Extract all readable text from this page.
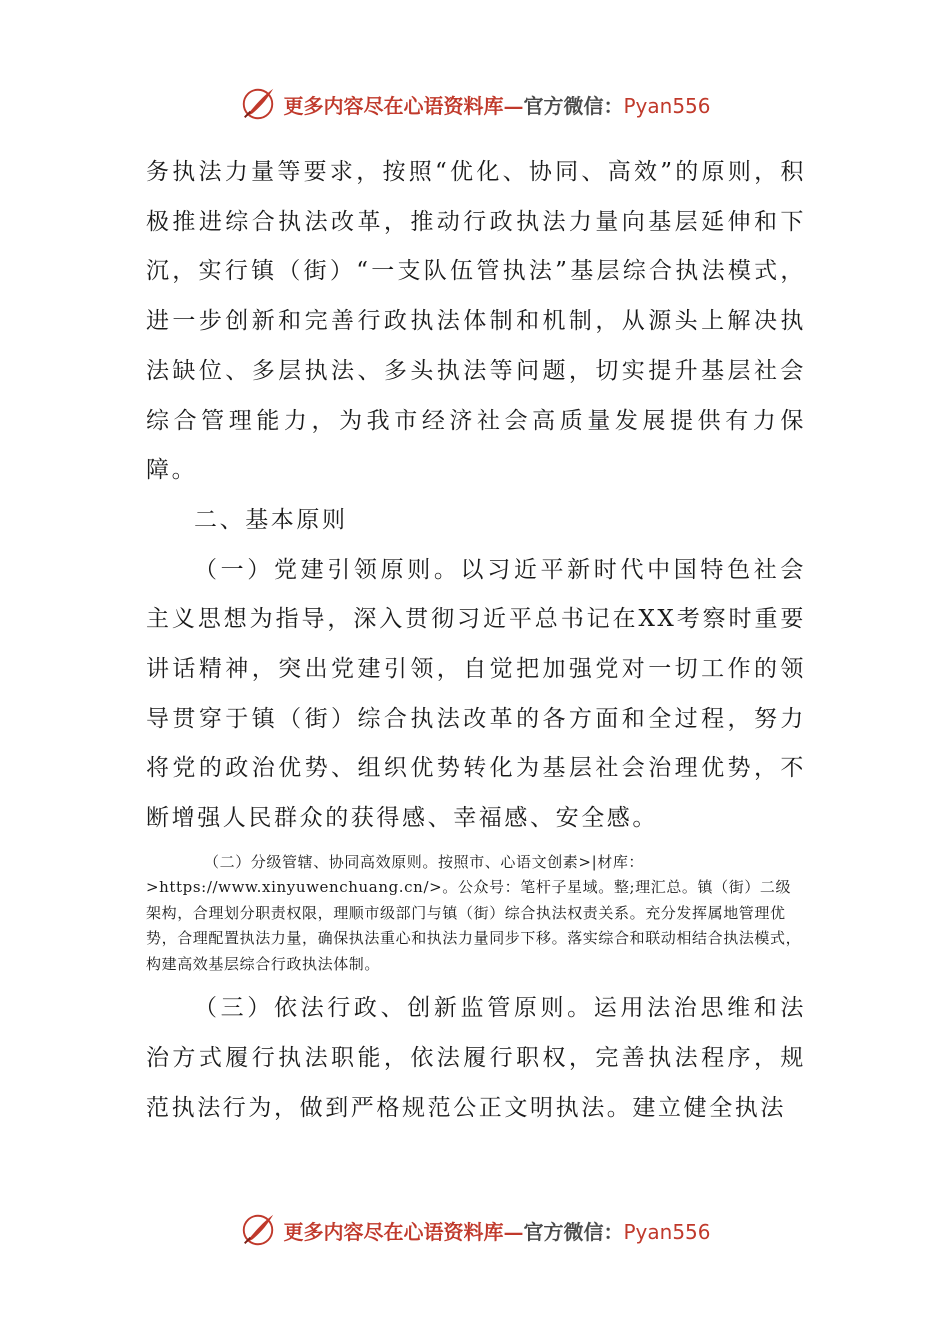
更多内容尽在心语资料库—官方微信：Pyan556

务执法力量等要求，按照“优化、协同、高效”的原则，积极推进综合执法改革，推动行政执法力量向基层延伸和下沉，实行镇（街）“一支队伍管执法”基层综合执法模式，进一步创新和完善行政执法体制和机制，从源头上解决执法缺位、多层执法、多头执法等问题，切实提升基层社会综合管理能力，为我市经济社会高质量发展提供有力保障。

二、基本原则

（一）党建引领原则。以习近平新时代中国特色社会主义思想为指导，深入贯彻习近平总书记在XX考察时重要讲话精神，突出党建引领，自觉把加强党对一切工作的领导贯穿于镇（街）综合执法改革的各方面和全过程，努力将党的政治优势、组织优势转化为基层社会治理优势，不断增强人民群众的获得感、幸福感、安全感。

（二）分级管辖、协同高效原则。按照市、心语文创素>|材库：
>https://www.xinyuwenchuang.cn/>。公众号：笔杆子星域。整;理汇总。镇（街）二级架构，合理划分职责权限，理顺市级部门与镇（街）综合执法权责关系。充分发挥属地管理优势，合理配置执法力量，确保执法重心和执法力量同步下移。落实综合和联动相结合执法模式，构建高效基层综合行政执法体制。

（三）依法行政、创新监管原则。运用法治思维和法治方式履行执法职能，依法履行职权，完善执法程序，规范执法行为，做到严格规范公正文明执法。建立健全执法

更多内容尽在心语资料库—官方微信：Pyan556
